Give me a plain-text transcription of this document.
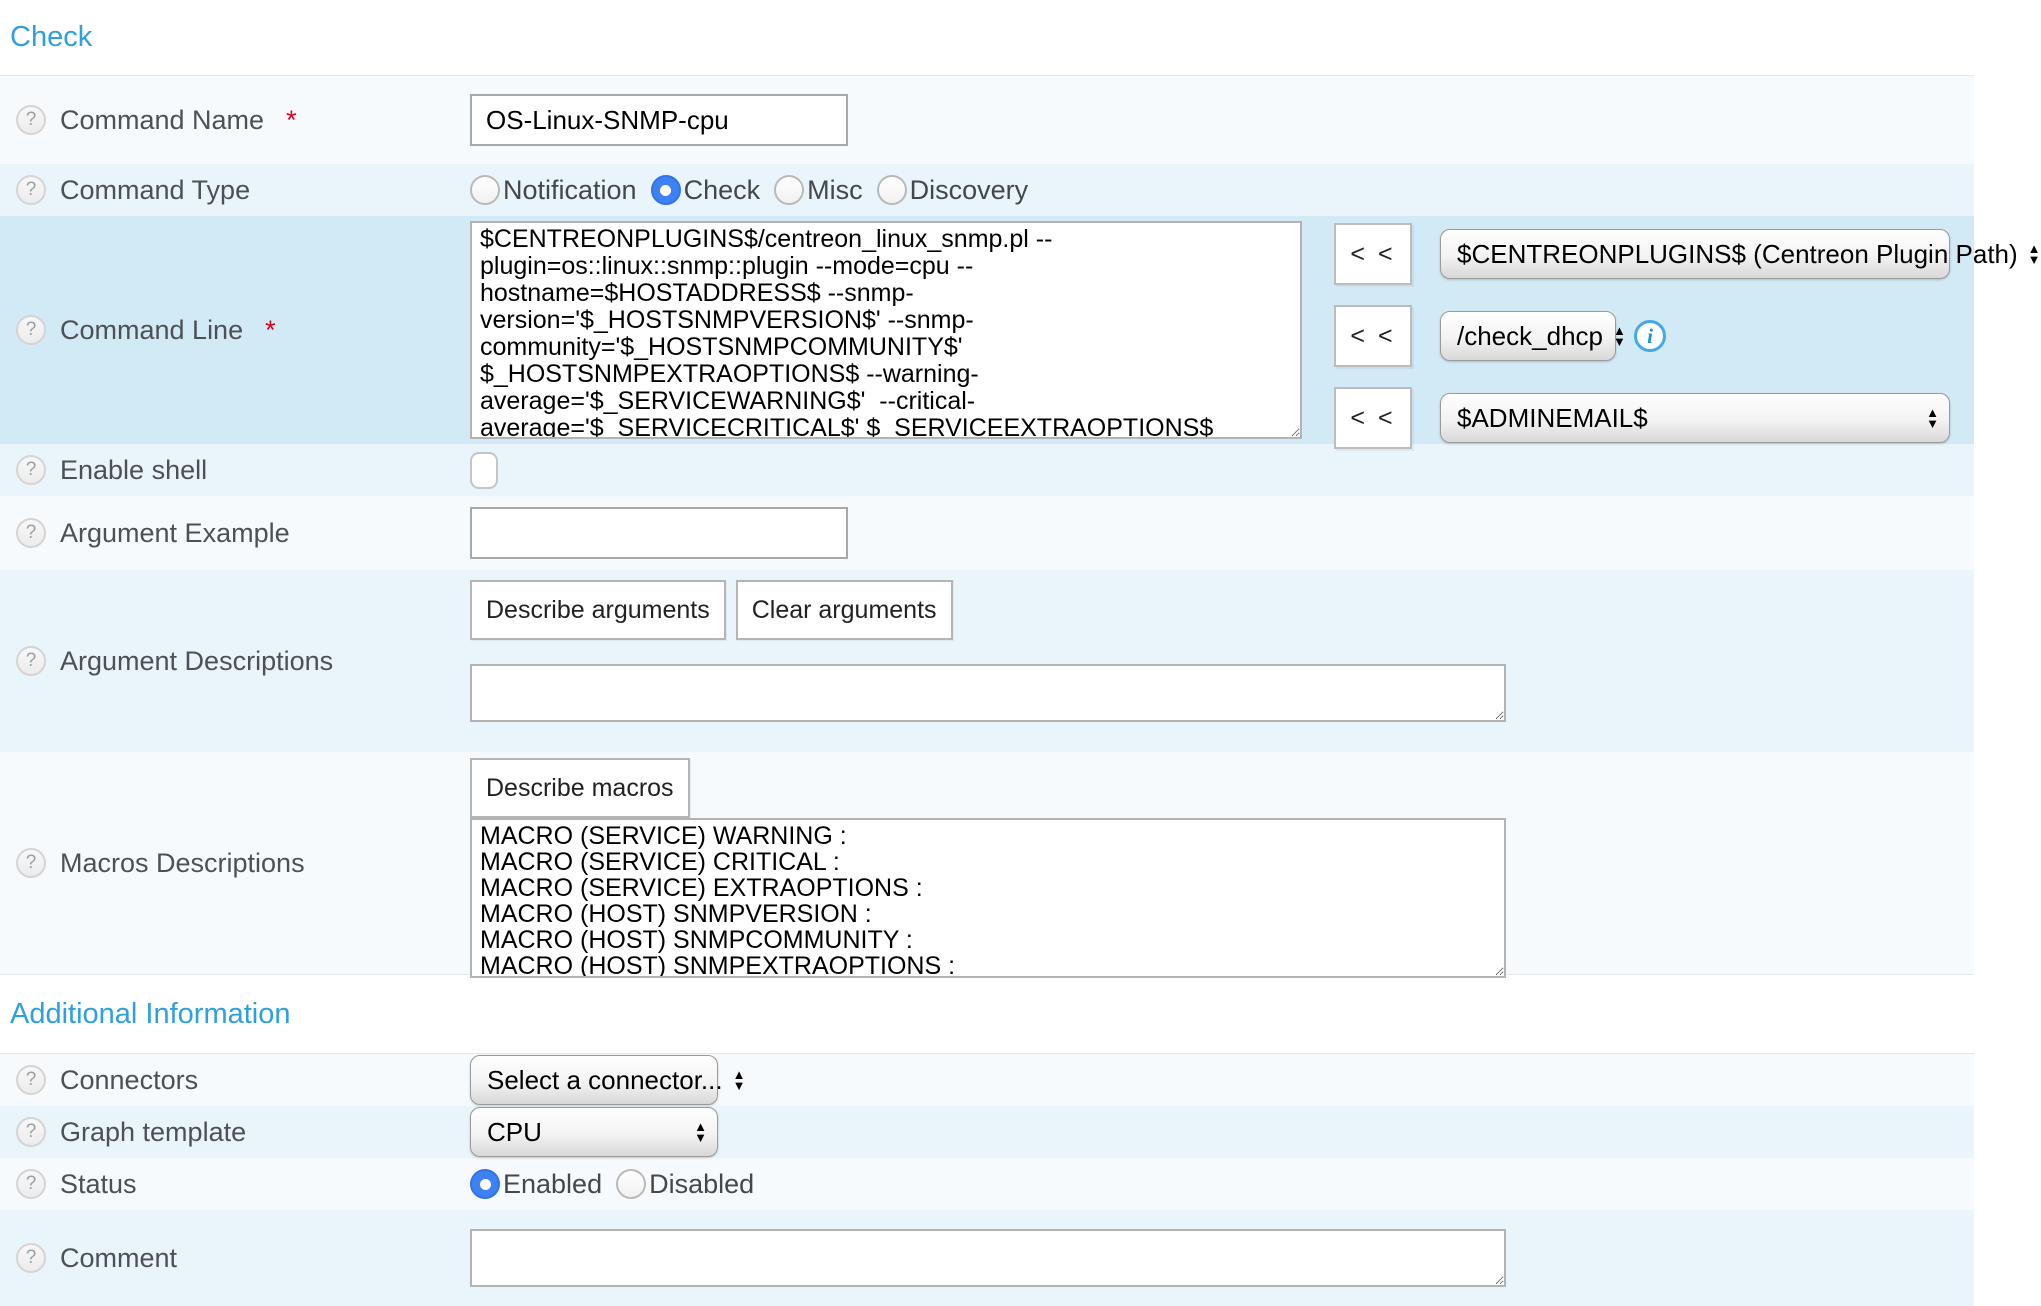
Check
? Command Name *
OS-Linux-SNMP-cpu
? Command Type	Notification Check Misc Discovery
? Command Line *
$CENTREONPLUGINS$/centreon_linux_snmp.pl --plugin=os::linux::snmp::plugin --mode=cpu --hostname=$HOSTADDRESS$ --snmp-version='$_HOSTSNMPVERSION$' --snmp-community='$_HOSTSNMPCOMMUNITY$' $_HOSTSNMPEXTRAOPTIONS$ --warning-average='$_SERVICEWARNING$' --critical-average='$_SERVICECRITICAL$' $_SERVICEEXTRAOPTIONS$
< <	$CENTREONPLUGINS$ (Centreon Plugin Path) ▲
▼
< <	/check_dhcp ▲
▼	i
< <	$ADMINEMAIL$	▲
▼
? Enable shell
? Argument Example
? Argument Descriptions
Describe arguments	Clear arguments
? Macros Descriptions
Describe macros
MACRO (SERVICE) WARNING : MACRO (SERVICE) CRITICAL : MACRO (SERVICE) EXTRAOPTIONS : MACRO (HOST) SNMPVERSION : MACRO (HOST) SNMPCOMMUNITY : MACRO (HOST) SNMPEXTRAOPTIONS :
Additional Information
? Connectors	Select a connector... ▲
▼
? Graph template	CPU	▲
▼
? Status	Enabled Disabled
? Comment
